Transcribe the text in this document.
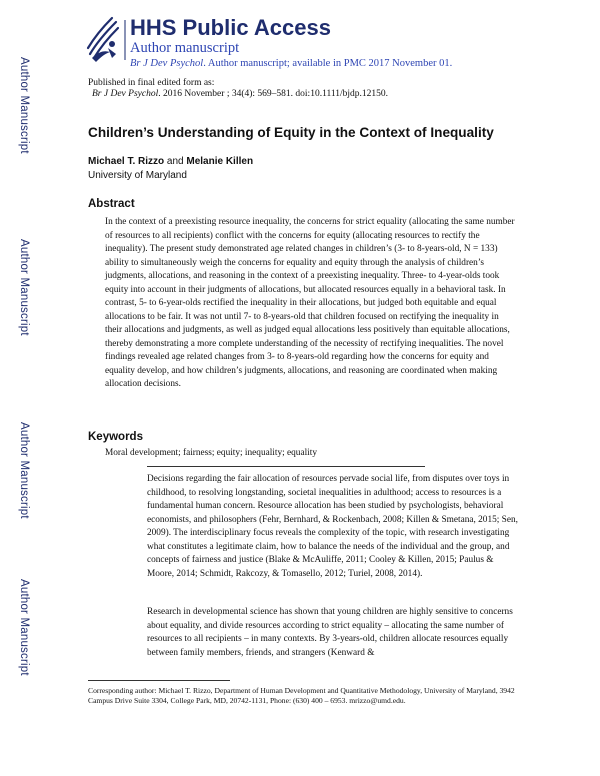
Author Manuscript
Author Manuscript
Author Manuscript
Author Manuscript
HHS Public Access
Author manuscript
Br J Dev Psychol. Author manuscript; available in PMC 2017 November 01.
Published in final edited form as:
Br J Dev Psychol. 2016 November ; 34(4): 569–581. doi:10.1111/bjdp.12150.
Children’s Understanding of Equity in the Context of Inequality
Michael T. Rizzo and Melanie Killen
University of Maryland
Abstract
In the context of a preexisting resource inequality, the concerns for strict equality (allocating the same number of resources to all recipients) conflict with the concerns for equity (allocating resources to rectify the inequality). The present study demonstrated age related changes in children’s (3- to 8-years-old, N = 133) ability to simultaneously weigh the concerns for equality and equity through the analysis of children’s judgments, allocations, and reasoning in the context of a preexisting inequality. Three- to 4-year-olds took equity into account in their judgments of allocations, but allocated resources equally in a behavioral task. In contrast, 5- to 6-year-olds rectified the inequality in their allocations, but judged both equitable and equal allocations to be fair. It was not until 7- to 8-years-old that children focused on rectifying the inequality in their allocations and judgments, as well as judged equal allocations less positively than equitable allocations, thereby demonstrating a more complete understanding of the necessity of rectifying inequalities. The novel findings revealed age related changes from 3- to 8-years-old regarding how the concerns for equity and equality develop, and how children’s judgments, allocations, and reasoning are coordinated when making allocation decisions.
Keywords
Moral development; fairness; equity; inequality; equality
Decisions regarding the fair allocation of resources pervade social life, from disputes over toys in childhood, to resolving longstanding, societal inequalities in adulthood; access to resources is a fundamental human concern. Resource allocation has been studied by psychologists, behavioral economists, and philosophers (Fehr, Bernhard, & Rockenbach, 2008; Killen & Smetana, 2015; Sen, 2009). The interdisciplinary focus reveals the complexity of the topic, with research investigating what constitutes a legitimate claim, how to balance the needs of the individual and the group, and concepts of fairness and justice (Blake & McAuliffe, 2011; Cooley & Killen, 2015; Paulus & Moore, 2014; Schmidt, Rakcozy, & Tomasello, 2012; Turiel, 2008, 2014).
Research in developmental science has shown that young children are highly sensitive to concerns about equality, and divide resources according to strict equality – allocating the same number of resources to all recipients – in many contexts. By 3-years-old, children allocate resources equally between family members, friends, and strangers (Kenward &
Corresponding author: Michael T. Rizzo, Department of Human Development and Quantitative Methodology, University of Maryland, 3942 Campus Drive Suite 3304, College Park, MD, 20742-1131, Phone: (630) 400 – 6953. mrizzo@umd.edu.
